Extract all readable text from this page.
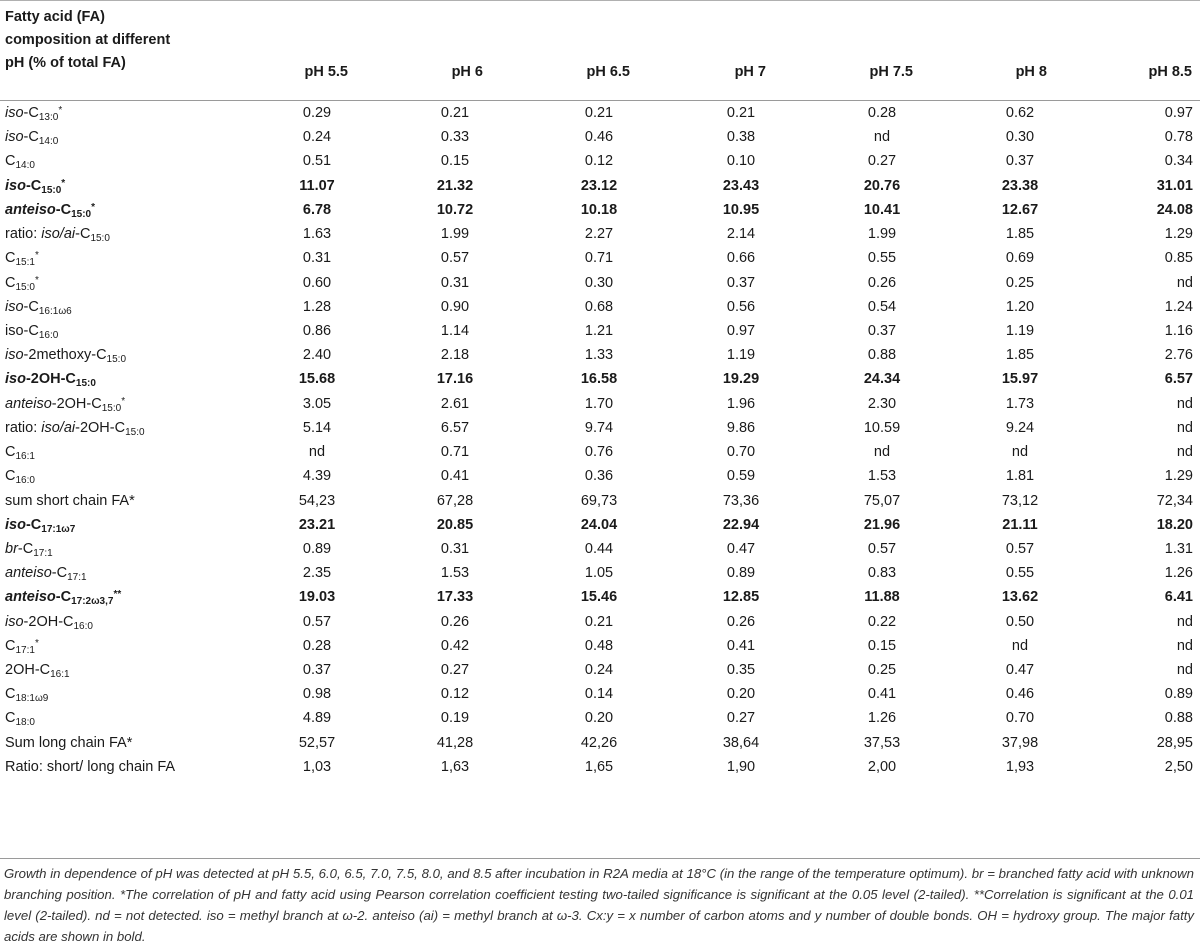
Fatty acid (FA)
composition at different
pH (% of total FA)
pH 5.5	pH 6	pH 6.5	pH 7	pH 7.5	pH 8	pH 8.5
iso-$C_{13:0}^*$	0.29	0.21	0.21	0.21	0.28	0.62	0.97
iso-$C_{14:0}$	0.24	0.33	0.46	0.38	nd	0.30	0.78
$C_{14:0}$	0.51	0.15	0.12	0.10	0.27	0.37	0.34
iso-$C_{15:0}^*$	11.07	21.32	23.12	23.43	20.76	23.38	31.01
anteiso-$C_{15:0}^*$	6.78	10.72	10.18	10.95	10.41	12.67	24.08
ratio: iso/$ai-C_{15:0}$	1.63	1.99	2.27	2.14	1.99	1.85	1.29
$C_{15:1}^*$	0.31	0.57	0.71	0.66	0.55	0.69	0.85
$C_{15:0}^*$	0.60	0.31	0.30	0.37	0.26	0.25	nd
iso-$C_{16:1\omega 6}$	1.28	0.90	0.68	0.56	0.54	1.20	1.24
iso-$C_{16:0}$	0.86	1.14	1.21	0.97	0.37	1.19	1.16
iso-$2methoxy-C_{15:0}$	2.40	2.18	1.33	1.19	0.88	1.85	2.76
iso-$2OH-C_{15:0}$	15.68	17.16	16.58	19.29	24.34	15.97	6.57
anteiso-$2OH-C_{15:0}^*$	3.05	2.61	1.70	1.96	2.30	1.73	nd
ratio: iso/$ai-2OH-C_{15:0}$	5.14	6.57	9.74	9.86	10.59	9.24	nd
$C_{16:1}$	nd	0.71	0.76	0.70	nd	nd	nd
$C_{16:0}$	4.39	0.41	0.36	0.59	1.53	1.81	1.29
sum short chain FA*	54,23	67,28	69,73	73,36	75,07	73,12	72,34
iso-$C_{17:1\omega 7}$	23.21	20.85	24.04	22.94	21.96	21.11	18.20
$br-C_{17:1}$	0.89	0.31	0.44	0.47	0.57	0.57	1.31
anteiso-$C_{17:1}$	2.35	1.53	1.05	0.89	0.83	0.55	1.26
anteiso-$C_{17:2\omega 3,7}^{**}$	19.03	17.33	15.46	12.85	11.88	13.62	6.41
iso-$2OH-C_{16:0}$	0.57	0.26	0.21	0.26	0.22	0.50	nd
$C_{17:1}^*$	0.28	0.42	0.48	0.41	0.15	nd	nd
$2OH-C_{16:1}$	0.37	0.27	0.24	0.35	0.25	0.47	nd
$C_{18:1\omega 9}$	0.98	0.12	0.14	0.20	0.41	0.46	0.89
$C_{18:0}$	4.89	0.19	0.20	0.27	1.26	0.70	0.88
Sum long chain FA*	52,57	41,28	42,26	38,64	37,53	37,98	28,95
Ratio: short/ long chain FA	1,03	1,63	1,65	1,90	2,00	1,93	2,50
Growth in dependence of pH was detected at pH 5.5, 6.0, 6.5, 7.0, 7.5, 8.0, and 8.5 after incubation in R2A media at 18°C (in the range of the temperature optimum). br = branched fatty acid with unknown branching position. *The correlation of pH and fatty acid using Pearson correlation coefficient testing two-tailed significance is significant at the 0.05 level (2-tailed). **Correlation is significant at the 0.01 level (2-tailed). nd = not detected. iso = methyl branch at ω-2. anteiso (ai) = methyl branch at ω-3. Cx:y = x number of carbon atoms and y number of double bonds. OH = hydroxy group. The major fatty acids are shown in bold.
